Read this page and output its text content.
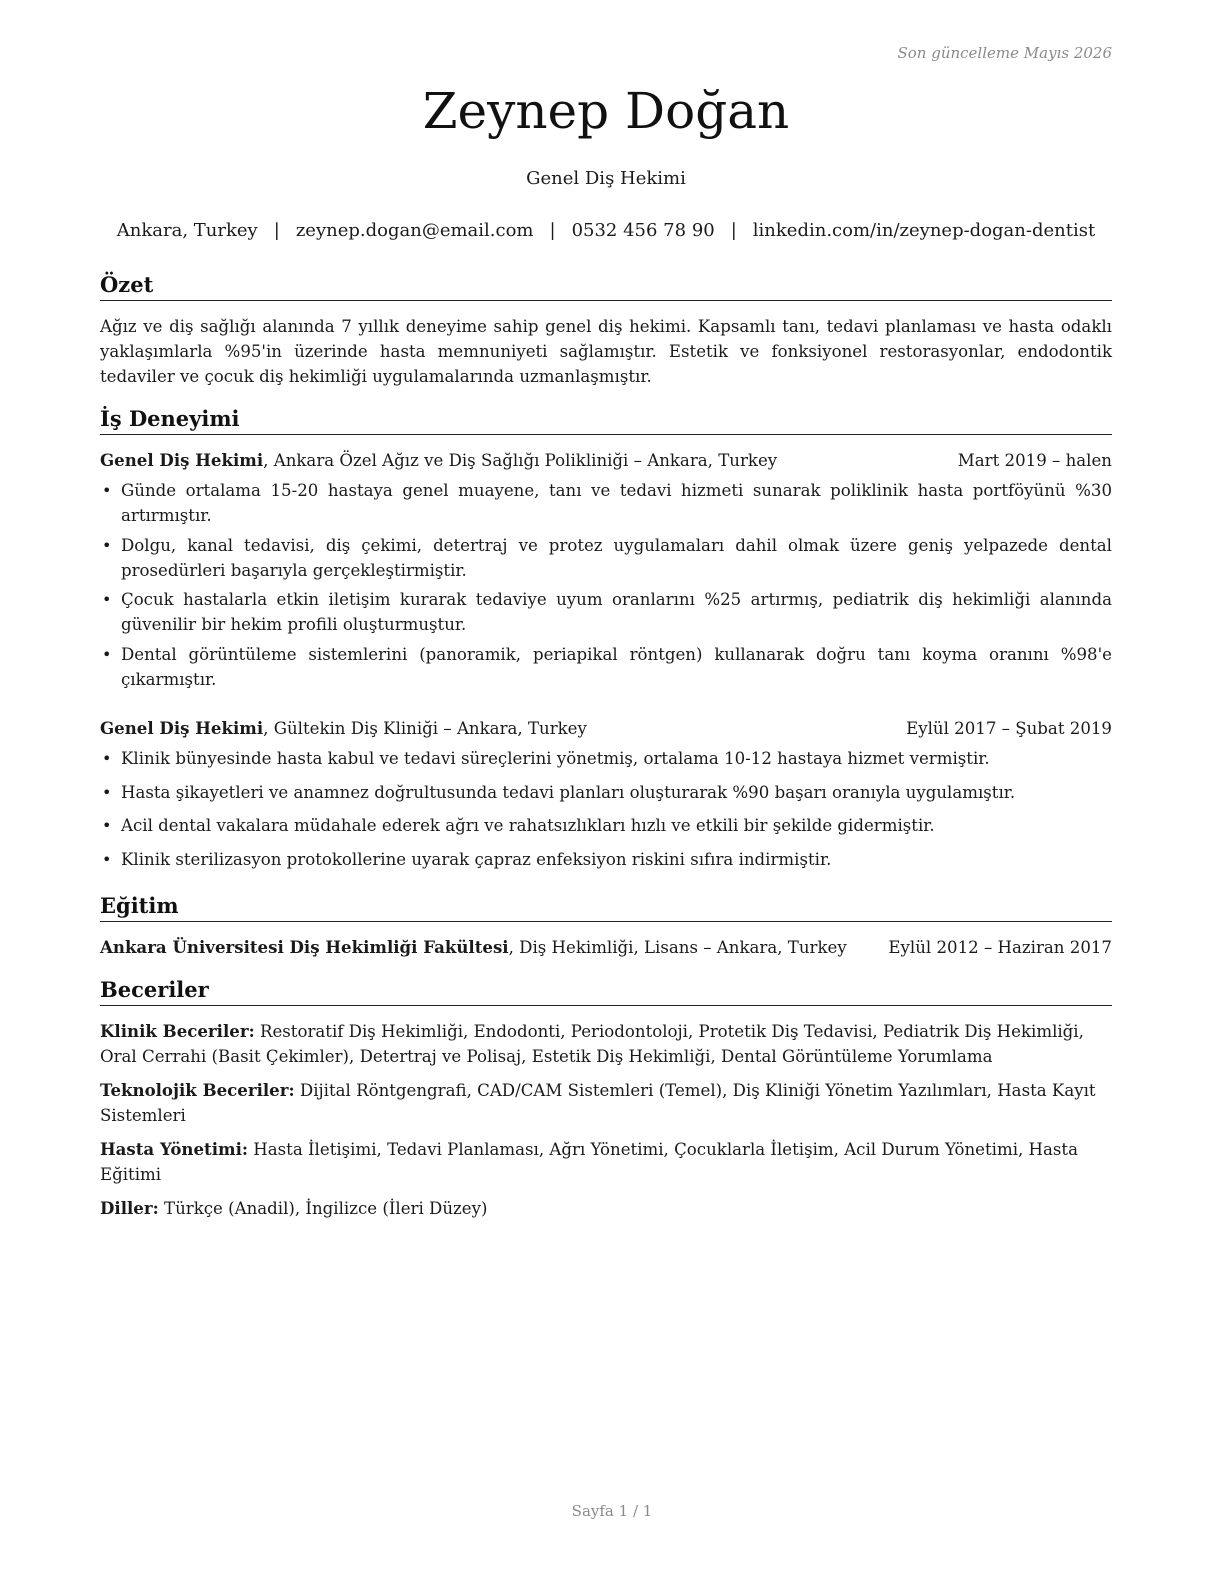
Son güncelleme Mayıs 2026
Zeynep Doğan
Genel Diş Hekimi
Ankara, Turkey | zeynep.dogan@email.com | 0532 456 78 90 | linkedin.com/in/zeynep-dogan-dentist
Özet
Ağız ve diş sağlığı alanında 7 yıllık deneyime sahip genel diş hekimi. Kapsamlı tanı, tedavi planlaması ve hasta odaklı yaklaşımlarla %95'in üzerinde hasta memnuniyeti sağlamıştır. Estetik ve fonksiyonel restorasyonlar, endodontik tedaviler ve çocuk diş hekimliği uygulamalarında uzmanlaşmıştır.
İş Deneyimi
Genel Diş Hekimi, Ankara Özel Ağız ve Diş Sağlığı Polikliniği – Ankara, Turkey	Mart 2019 – halen
• Günde ortalama 15-20 hastaya genel muayene, tanı ve tedavi hizmeti sunarak poliklinik hasta portföyünü %30 artırmıştır.
• Dolgu, kanal tedavisi, diş çekimi, detertraj ve protez uygulamaları dahil olmak üzere geniş yelpazede dental prosedürleri başarıyla gerçekleştirmiştir.
• Çocuk hastalarla etkin iletişim kurarak tedaviye uyum oranlarını %25 artırmış, pediatrik diş hekimliği alanında güvenilir bir hekim profili oluşturmuştur.
• Dental görüntüleme sistemlerini (panoramik, periapikal röntgen) kullanarak doğru tanı koyma oranını %98'e çıkarmıştır.
Genel Diş Hekimi, Gültekin Diş Kliniği – Ankara, Turkey	Eylül 2017 – Şubat 2019
• Klinik bünyesinde hasta kabul ve tedavi süreçlerini yönetmiş, ortalama 10-12 hastaya hizmet vermiştir.
• Hasta şikayetleri ve anamnez doğrultusunda tedavi planları oluşturarak %90 başarı oranıyla uygulamıştır.
• Acil dental vakalara müdahale ederek ağrı ve rahatsızlıkları hızlı ve etkili bir şekilde gidermiştir.
• Klinik sterilizasyon protokollerine uyarak çapraz enfeksiyon riskini sıfıra indirmiştir.
Eğitim
Ankara Üniversitesi Diş Hekimliği Fakültesi, Diş Hekimliği, Lisans – Ankara, Turkey	Eylül 2012 – Haziran 2017
Beceriler
Klinik Beceriler: Restoratif Diş Hekimliği, Endodonti, Periodontoloji, Protetik Diş Tedavisi, Pediatrik Diş Hekimliği, Oral Cerrahi (Basit Çekimler), Detertraj ve Polisaj, Estetik Diş Hekimliği, Dental Görüntüleme Yorumlama
Teknolojik Beceriler: Dijital Röntgengrafi, CAD/CAM Sistemleri (Temel), Diş Kliniği Yönetim Yazılımları, Hasta Kayıt Sistemleri
Hasta Yönetimi: Hasta İletişimi, Tedavi Planlaması, Ağrı Yönetimi, Çocuklarla İletişim, Acil Durum Yönetimi, Hasta Eğitimi
Diller: Türkçe (Anadil), İngilizce (İleri Düzey)
Sayfa 1 / 1
